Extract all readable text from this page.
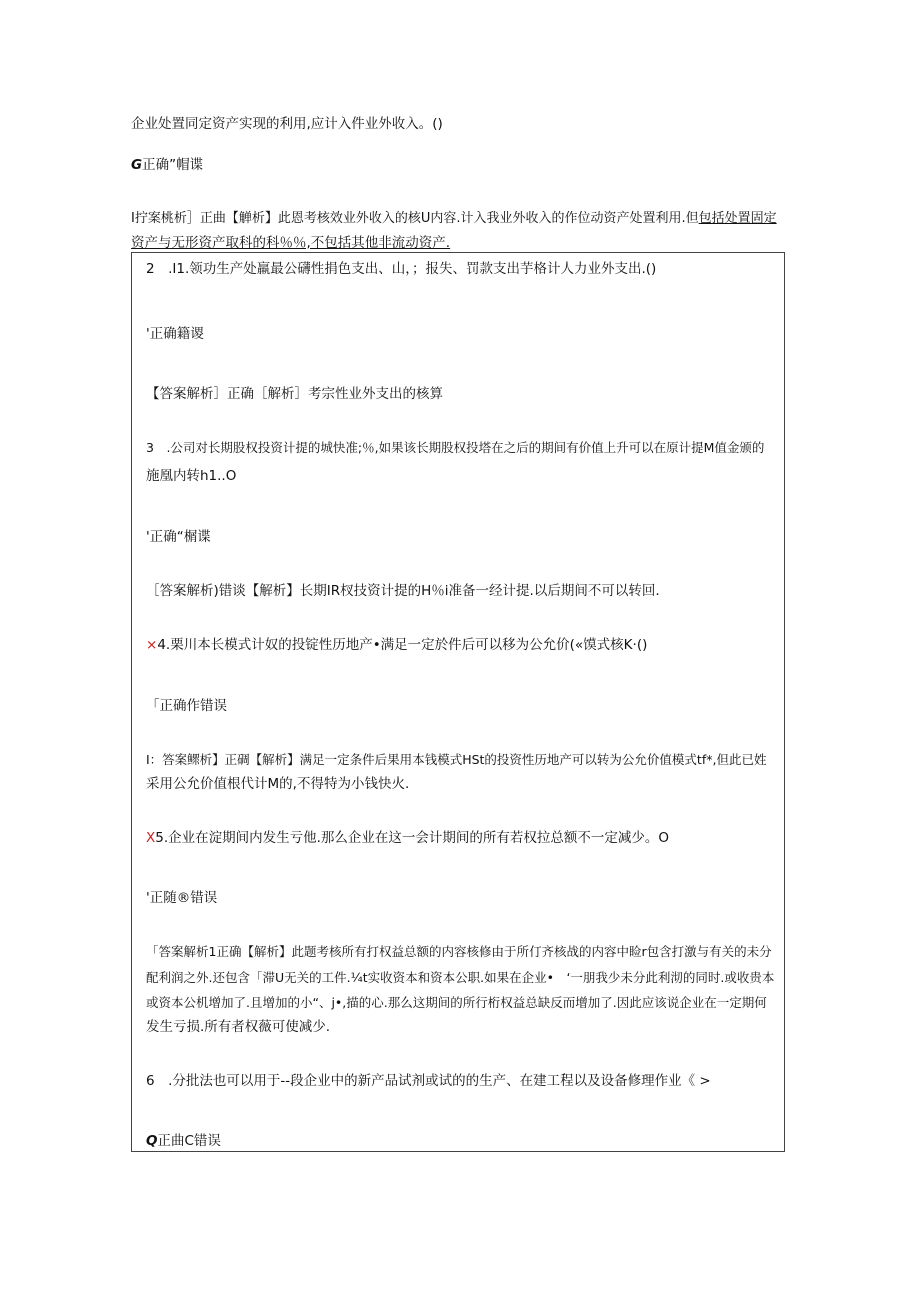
企业处置同定资产实现的利用,应计入件业外收入。()
G正确”帽谍
I拧案桃析］正曲【觯析】此恩考核效业外收入的核U内容.计入我业外收入的作位动资产处置利用.但包括处置固定
资产与无形资产取科的科％％,不包括其他非流动资产.
2　.I1.领功生产处羸最公礴性捐色支出、山，；报失、罚款支出芋格计人力业外支出.()
'正确籍谡
【答案解析］正确［解析］考宗性业外支出的核算
3　.公司对长期股权投资计提的城快准;％,如果该长期股权投塔在之后的期间有价值上升可以在原计提M值金颁的
施凰内转h1..O
'正确“榍谍
［答案解析)错谈【解析】长期IR杈技资计提的H％i准备一经计提.以后期间不可以转回.
×4.栗川本长模式计奴的投锭性历地产•满足一定於件后可以移为公允价(«馍式核K·()
「正确作错误
I：答案鳏析】正碉【解析】满足一定条件后果用本钱模式HSt的投资性历地产可以转为公允价值模式tf*,但此已姓
采用公允价值根代计M的,不得特为小钱快火.
X5.企业在淀期间内发生亏他.那么企业在这一会计期间的所有若权拉总额不一定减少。O
'正随®错误
「答案解析1正确【解析】此题考核所有打权益总额的内容核修由于所仃齐核战的内容中睑r包含打激与有关的未分
配利润之外.还包含「滞U无关的工件.¼t实收资本和资本公职.如果在企业•　‘一朋我少未分此利沏的同时.或收贵本
或资本公机增加了.且增加的小“、j•,描的心.那么这期间的所行桁权益总缺反而增加了.因此应该说企业在一定期何
发生亏损.所有者权薇可使减少.
6　.分批法也可以用于--段企业中的新产品试剂或试的的生产、在建工程以及设备修理作业《 >
Q正曲C错误
